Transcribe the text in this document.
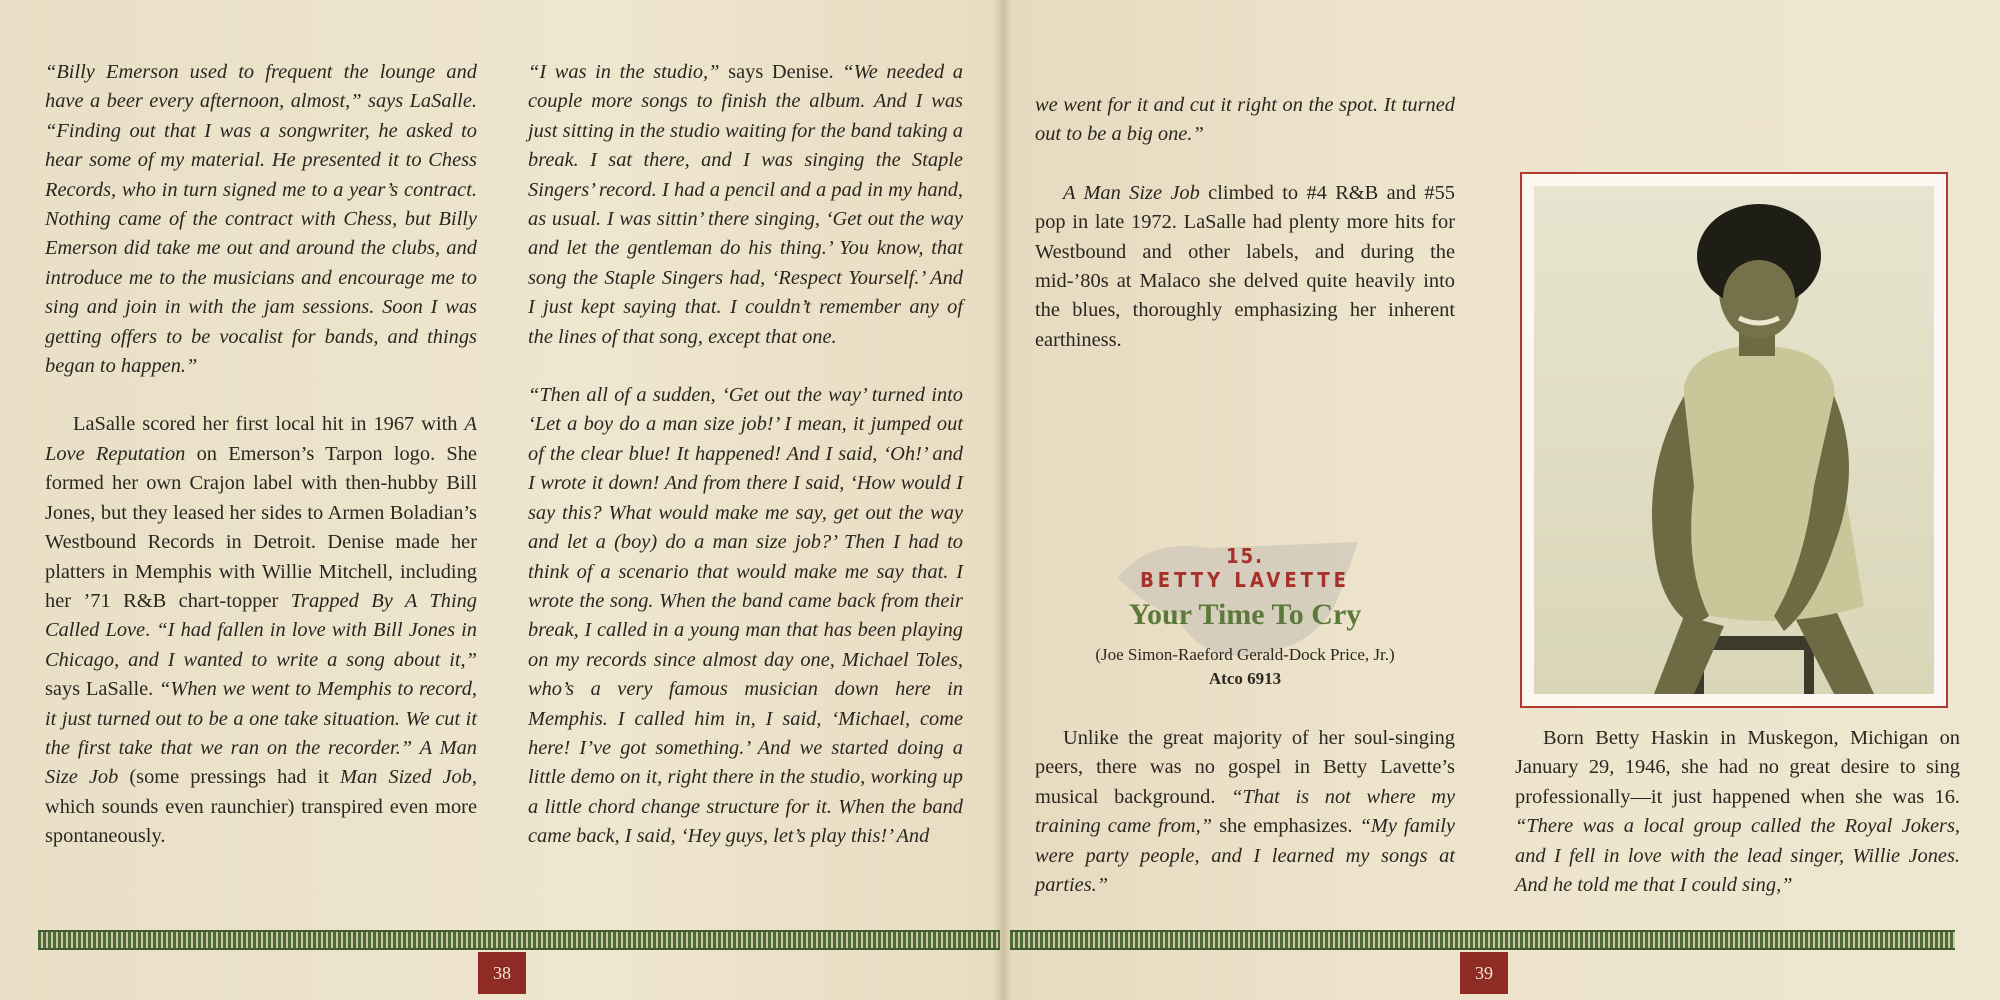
“Billy Emerson used to frequent the lounge and have a beer every afternoon, almost,” says LaSalle. “Finding out that I was a songwriter, he asked to hear some of my material. He presented it to Chess Records, who in turn signed me to a year’s contract. Nothing came of the contract with Chess, but Billy Emerson did take me out and around the clubs, and introduce me to the musicians and encourage me to sing and join in with the jam sessions. Soon I was getting offers to be vocalist for bands, and things began to happen.”

LaSalle scored her first local hit in 1967 with A Love Reputation on Emerson’s Tarpon logo. She formed her own Crajon label with then-hubby Bill Jones, but they leased her sides to Armen Boladian’s Westbound Records in Detroit. Denise made her platters in Memphis with Willie Mitchell, including her ’71 R&B chart-topper Trapped By A Thing Called Love. “I had fallen in love with Bill Jones in Chicago, and I wanted to write a song about it,” says LaSalle. “When we went to Memphis to record, it just turned out to be a one take situation. We cut it the first take that we ran on the recorder.” A Man Size Job (some pressings had it Man Sized Job, which sounds even raunchier) transpired even more spontaneously.

“I was in the studio,” says Denise. “We needed a couple more songs to finish the album. And I was just sitting in the studio waiting for the band taking a break. I sat there, and I was singing the Staple Singers’ record. I had a pencil and a pad in my hand, as usual. I was sittin’ there singing, ‘Get out the way and let the gentleman do his thing.’ You know, that song the Staple Singers had, ‘Respect Yourself.’ And I just kept saying that. I couldn’t remember any of the lines of that song, except that one.

“Then all of a sudden, ‘Get out the way’ turned into ‘Let a boy do a man size job!’ I mean, it jumped out of the clear blue! It happened! And I said, ‘Oh!’ and I wrote it down! And from there I said, ‘How would I say this? What would make me say, get out the way and let a (boy) do a man size job?’ Then I had to think of a scenario that would make me say that. I wrote the song. When the band came back from their break, I called in a young man that has been playing on my records since almost day one, Michael Toles, who’s a very famous musician down here in Memphis. I called him in, I said, ‘Michael, come here! I’ve got something.’ And we started doing a little demo on it, right there in the studio, working up a little chord change structure for it. When the band came back, I said, ‘Hey guys, let’s play this!’ And

we went for it and cut it right on the spot. It turned out to be a big one.”

A Man Size Job climbed to #4 R&B and #55 pop in late 1972. LaSalle had plenty more hits for Westbound and other labels, and during the mid-’80s at Malaco she delved quite heavily into the blues, thoroughly emphasizing her inherent earthiness.

15.
BETTY LAVETTE
Your Time To Cry
(Joe Simon-Raeford Gerald-Dock Price, Jr.)
Atco 6913

Unlike the great majority of her soul-singing peers, there was no gospel in Betty Lavette’s musical background. “That is not where my training came from,” she emphasizes. “My family were party people, and I learned my songs at parties.”

Born Betty Haskin in Muskegon, Michigan on January 29, 1946, she had no great desire to sing professionally—it just happened when she was 16. “There was a local group called the Royal Jokers, and I fell in love with the lead singer, Willie Jones. And he told me that I could sing,”

38	39
